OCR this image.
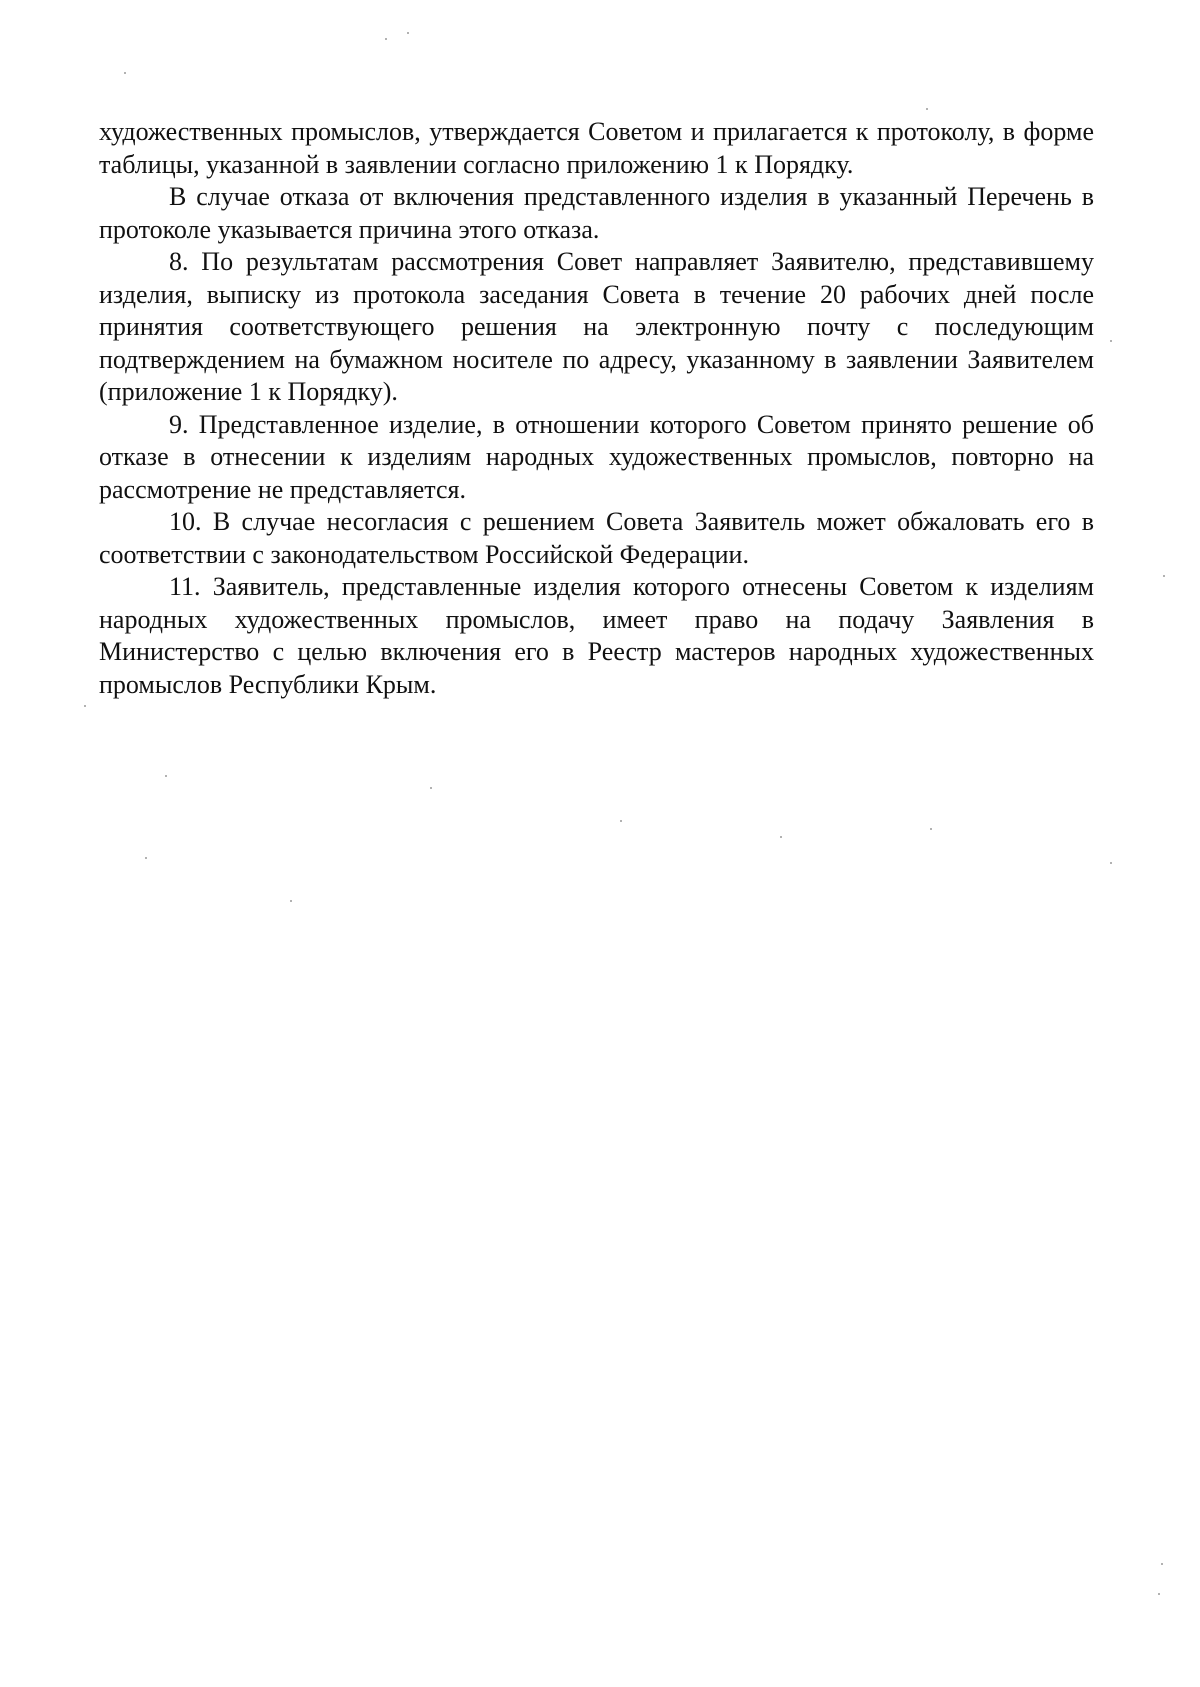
художественных промыслов, утверждается Советом и прилагается к протоколу, в форме таблицы, указанной в заявлении согласно приложению 1 к Порядку.

В случае отказа от включения представленного изделия в указанный Перечень в протоколе указывается причина этого отказа.

8. По результатам рассмотрения Совет направляет Заявителю, представившему изделия, выписку из протокола заседания Совета в течение 20 рабочих дней после принятия соответствующего решения на электронную почту с последующим подтверждением на бумажном носителе по адресу, указанному в заявлении Заявителем (приложение 1 к Порядку).

9. Представленное изделие, в отношении которого Советом принято решение об отказе в отнесении к изделиям народных художественных промыслов, повторно на рассмотрение не представляется.

10. В случае несогласия с решением Совета Заявитель может обжаловать его в соответствии с законодательством Российской Федерации.

11. Заявитель, представленные изделия которого отнесены Советом к изделиям народных художественных промыслов, имеет право на подачу Заявления в Министерство с целью включения его в Реестр мастеров народных художественных промыслов Республики Крым.
